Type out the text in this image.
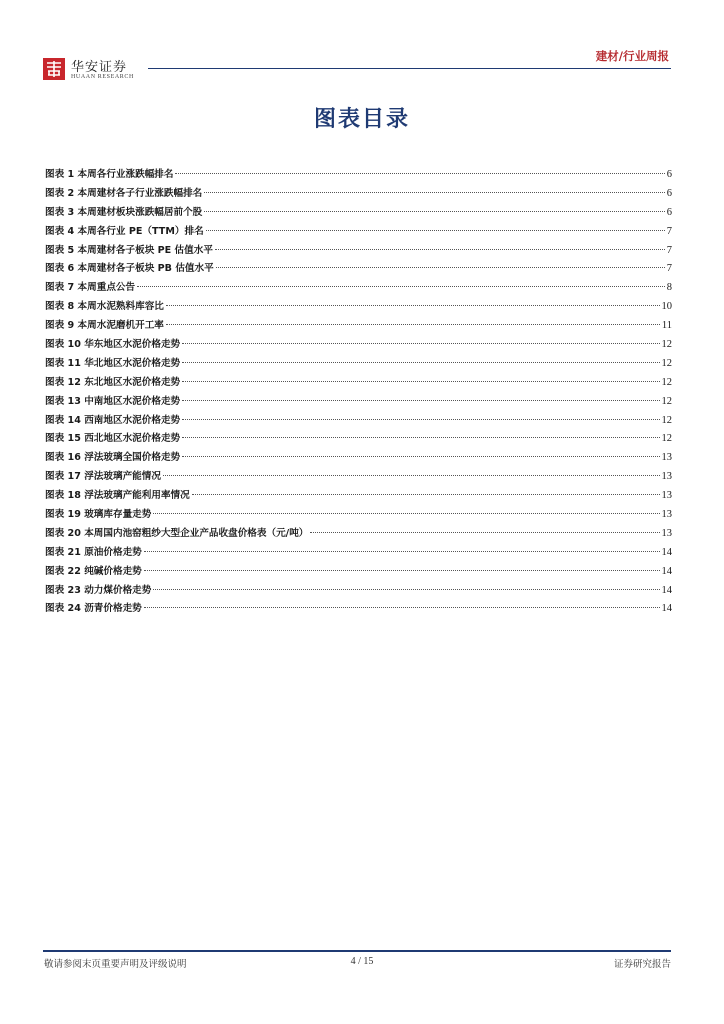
华安证券
HUAAN RESEARCH
建材/行业周报
图表目录
图表 1 本周各行业涨跌幅排名	6
图表 2 本周建材各子行业涨跌幅排名	6
图表 3 本周建材板块涨跌幅居前个股	6
图表 4 本周各行业 PE（TTM）排名	7
图表 5 本周建材各子板块 PE 估值水平	7
图表 6 本周建材各子板块 PB 估值水平	7
图表 7 本周重点公告	8
图表 8 本周水泥熟料库容比	10
图表 9 本周水泥磨机开工率	11
图表 10 华东地区水泥价格走势	12
图表 11 华北地区水泥价格走势	12
图表 12 东北地区水泥价格走势	12
图表 13 中南地区水泥价格走势	12
图表 14 西南地区水泥价格走势	12
图表 15 西北地区水泥价格走势	12
图表 16 浮法玻璃全国价格走势	13
图表 17 浮法玻璃产能情况	13
图表 18 浮法玻璃产能利用率情况	13
图表 19 玻璃库存量走势	13
图表 20 本周国内池窑粗纱大型企业产品收盘价格表（元/吨）	13
图表 21 原油价格走势	14
图表 22 纯碱价格走势	14
图表 23 动力煤价格走势	14
图表 24 沥青价格走势	14
敬请参阅末页重要声明及评级说明	4 / 15	证券研究报告
